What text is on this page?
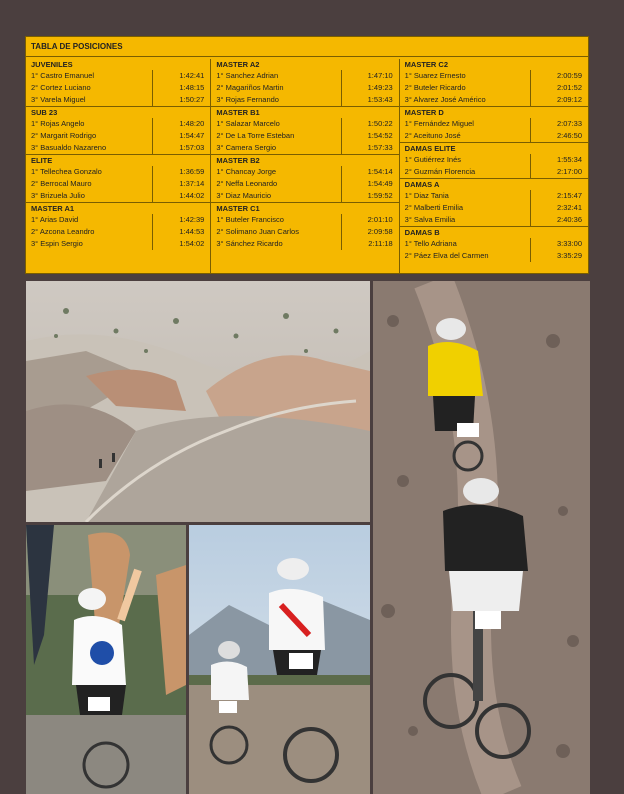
TABLA DE POSICIONES
JUVENILES
1° Castro Emanuel	1:42:41
2° Cortez Luciano	1:48:15
3° Varela Miguel	1:50:27
SUB 23
1° Rojas Angelo	1:48:20
2° Margarit Rodrigo	1:54:47
3° Basualdo Nazareno	1:57:03
ELITE
1° Tellechea Gonzalo	1:36:59
2° Berrocal Mauro	1:37:14
3° Brizuela Julio	1:44:02
MASTER A1
1° Arias David	1:42:39
2° Azcona Leandro	1:44:53
3° Espin Sergio	1:54:02
MASTER A2
1° Sanchez Adrian	1:47:10
2° Magariños Martin	1:49:23
3° Rojas Fernando	1:53:43
MASTER B1
1° Salazar Marcelo	1:50:22
2° De La Torre Esteban	1:54:52
3° Camera Sergio	1:57:33
MASTER B2
1° Chancay Jorge	1:54:14
2° Neffa Leonardo	1:54:49
3° Diaz Mauricio	1:59:52
MASTER C1
1° Buteler Francisco	2:01:10
2° Solimano Juan Carlos	2:09:58
3° Sánchez Ricardo	2:11:18
MASTER C2
1° Suarez Ernesto	2:00:59
2° Buteler Ricardo	2:01:52
3° Alvarez José Américo	2:09:12
MASTER D
1° Fernández Miguel	2:07:33
2° Aceituno José	2:46:50
DAMAS ELITE
1° Gutiérrez Inés	1:55:34
2° Guzmán Florencia	2:17:00
DAMAS A
1° Diaz Tania	2:15:47
2° Malberti Emilia	2:32:41
3° Salva Emilia	2:40:36
DAMAS B
1° Tello Adriana	3:33:00
2° Páez Elva del Carmen	3:35:29
